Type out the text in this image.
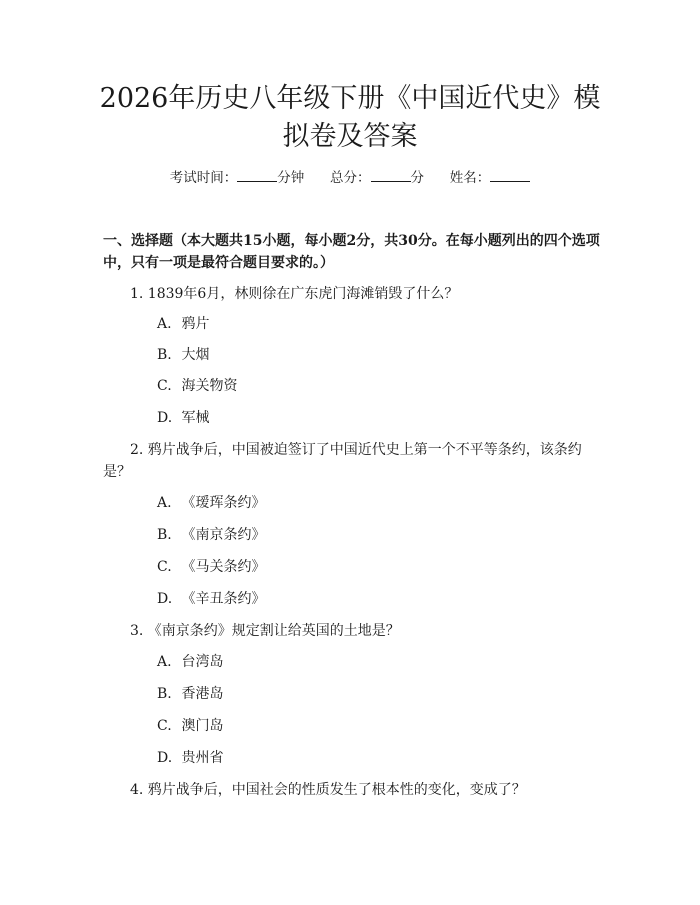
2026年历史八年级下册《中国近代史》模拟卷及答案
考试时间：	分钟 总分：	分 姓名：
一、选择题（本大题共15小题，每小题2分，共30分。在每小题列出的四个选项中，只有一项是最符合题目要求的。）
1. 1839年6月，林则徐在广东虎门海滩销毁了什么？
A. 鸦片
B. 大烟
C. 海关物资
D. 军械
2. 鸦片战争后，中国被迫签订了中国近代史上第一个不平等条约，该条约是？
A. 《瑷珲条约》
B. 《南京条约》
C. 《马关条约》
D. 《辛丑条约》
3. 《南京条约》规定割让给英国的土地是？
A. 台湾岛
B. 香港岛
C. 澳门岛
D. 贵州省
4. 鸦片战争后，中国社会的性质发生了根本性的变化，变成了？
